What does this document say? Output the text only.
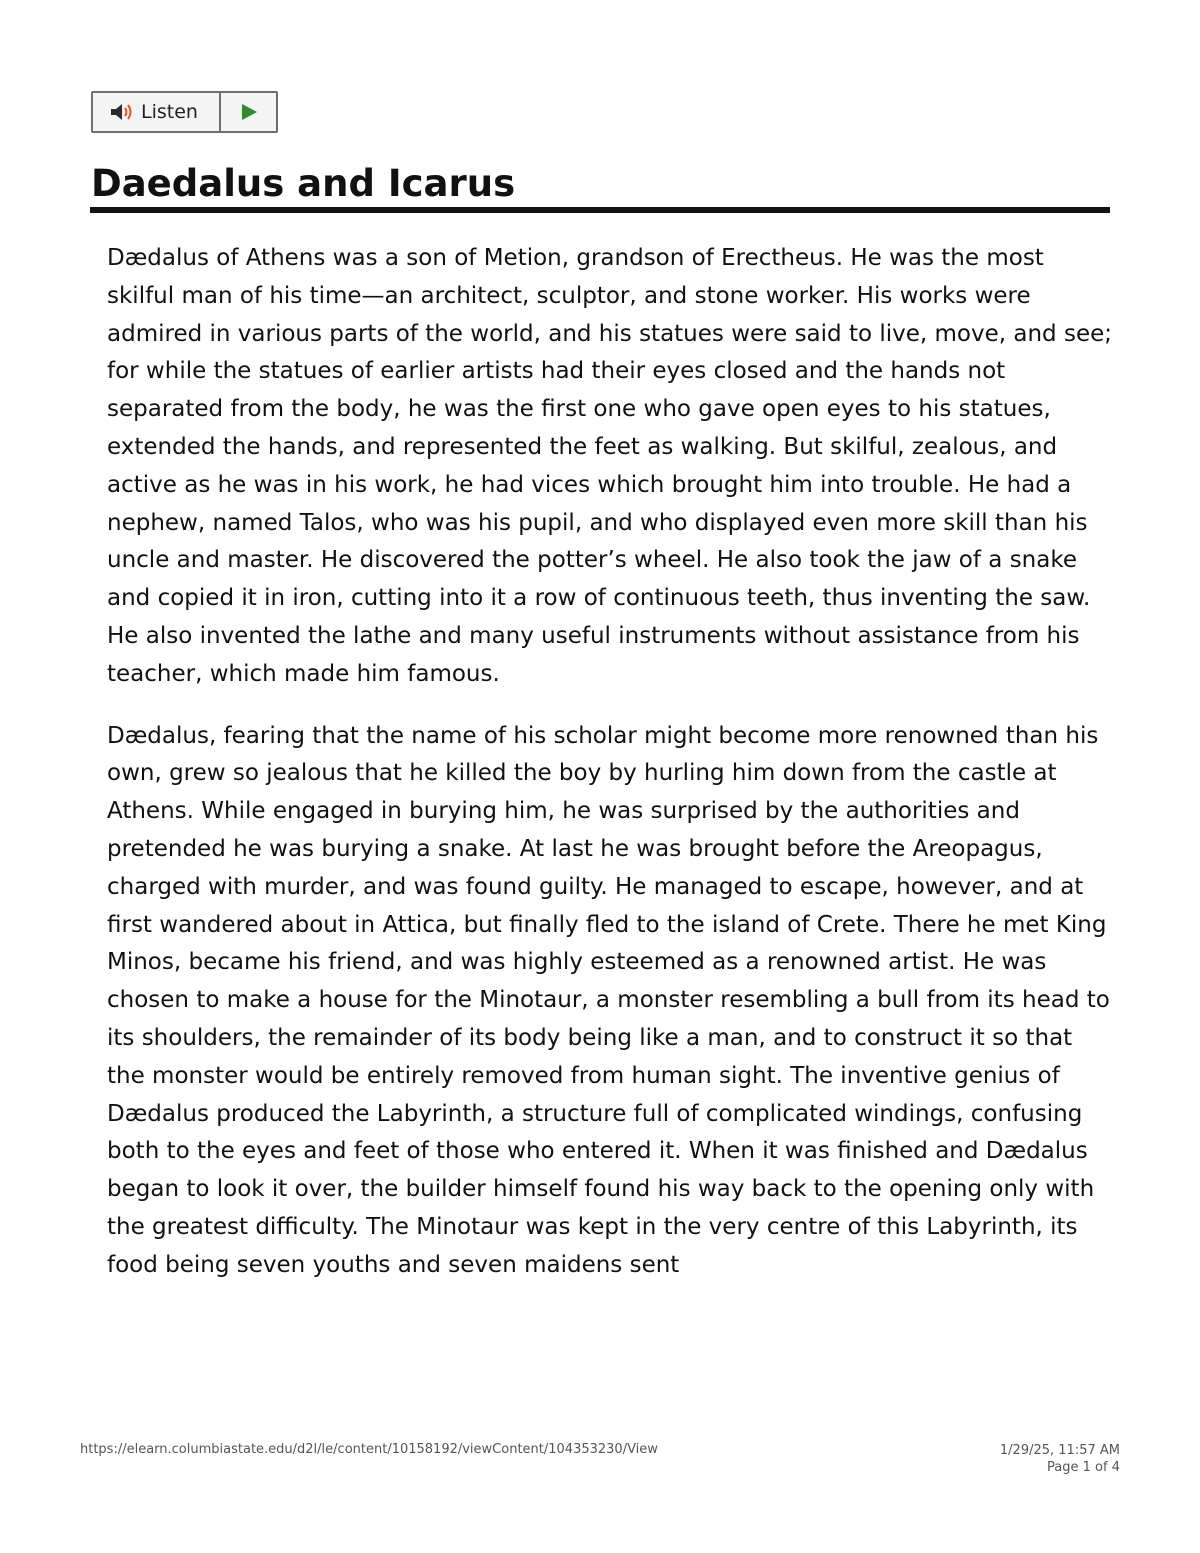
Listen
Daedalus and Icarus

Dædalus of Athens was a son of Metion, grandson of Erectheus. He was the most skilful man of his time—an architect, sculptor, and stone worker. His works were admired in various parts of the world, and his statues were said to live, move, and see; for while the statues of earlier artists had their eyes closed and the hands not separated from the body, he was the first one who gave open eyes to his statues, extended the hands, and represented the feet as walking. But skilful, zealous, and active as he was in his work, he had vices which brought him into trouble. He had a nephew, named Talos, who was his pupil, and who displayed even more skill than his uncle and master. He discovered the potter’s wheel. He also took the jaw of a snake and copied it in iron, cutting into it a row of continuous teeth, thus inventing the saw. He also invented the lathe and many useful instruments without assistance from his teacher, which made him famous.

Dædalus, fearing that the name of his scholar might become more renowned than his own, grew so jealous that he killed the boy by hurling him down from the castle at Athens. While engaged in burying him, he was surprised by the authorities and pretended he was burying a snake. At last he was brought before the Areopagus, charged with murder, and was found guilty. He managed to escape, however, and at first wandered about in Attica, but finally fled to the island of Crete. There he met King Minos, became his friend, and was highly esteemed as a renowned artist. He was chosen to make a house for the Minotaur, a monster resembling a bull from its head to its shoulders, the remainder of its body being like a man, and to construct it so that the monster would be entirely removed from human sight. The inventive genius of Dædalus produced the Labyrinth, a structure full of complicated windings, confusing both to the eyes and feet of those who entered it. When it was finished and Dædalus began to look it over, the builder himself found his way back to the opening only with the greatest difficulty. The Minotaur was kept in the very centre of this Labyrinth, its food being seven youths and seven maidens sent

https://elearn.columbiastate.edu/d2l/le/content/10158192/viewContent/104353230/View	1/29/25, 11:57 AM
Page 1 of 4
